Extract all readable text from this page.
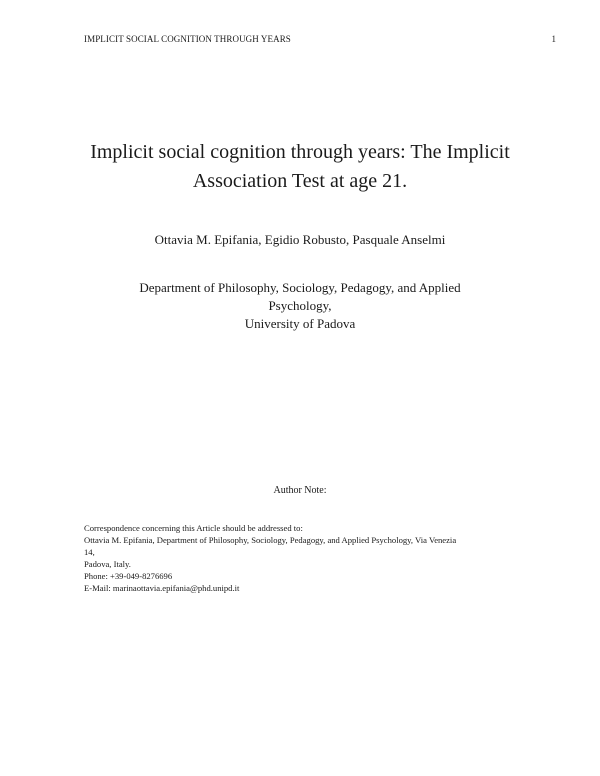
IMPLICIT SOCIAL COGNITION THROUGH YEARS	1
Implicit social cognition through years: The Implicit
Association Test at age 21.
Ottavia M. Epifania, Egidio Robusto, Pasquale Anselmi
Department of Philosophy, Sociology, Pedagogy, and Applied
Psychology,
University of Padova
Author Note:
Correspondence concerning this Article should be addressed to:
Ottavia M. Epifania, Department of Philosophy, Sociology, Pedagogy, and Applied Psychology, Via Venezia
14,
Padova, Italy.
Phone: +39-049-8276696
E-Mail: marinaottavia.epifania@phd.unipd.it
